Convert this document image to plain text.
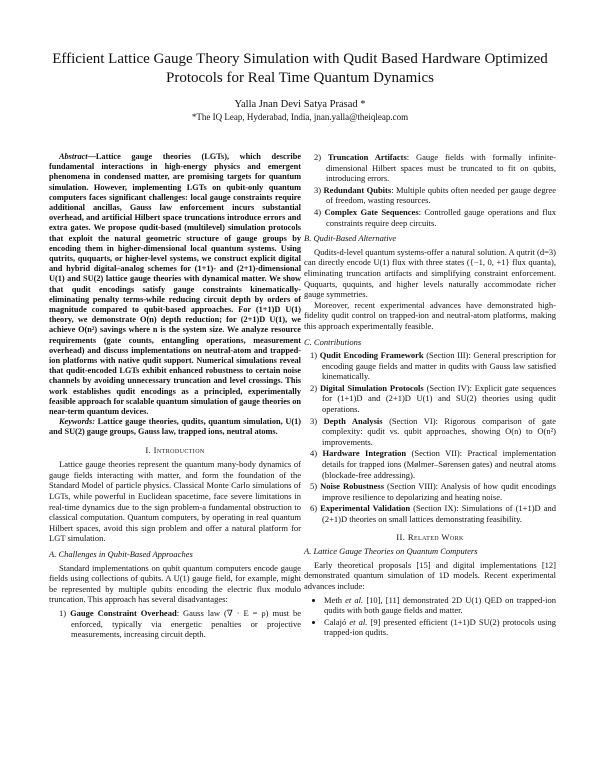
Efficient Lattice Gauge Theory Simulation with Qudit Based Hardware Optimized Protocols for Real Time Quantum Dynamics
Yalla Jnan Devi Satya Prasad *
*The IQ Leap, Hyderabad, India, jnan.yalla@theiqleap.com

Abstract—Lattice gauge theories (LGTs), which describe fundamental interactions in high-energy physics and emergent phenomena in condensed matter, are promising targets for quantum simulation. However, implementing LGTs on qubit-only quantum computers faces significant challenges: local gauge constraints require additional ancillas, Gauss law enforcement incurs substantial overhead, and artificial Hilbert space truncations introduce errors and extra gates. We propose qudit-based (multilevel) simulation protocols that exploit the natural geometric structure of gauge groups by encoding them in higher-dimensional local quantum systems. Using qutrits, ququarts, or higher-level systems, we construct explicit digital and hybrid digital–analog schemes for (1+1)- and (2+1)-dimensional U(1) and SU(2) lattice gauge theories with dynamical matter. We show that qudit encodings satisfy gauge constraints kinematically-eliminating penalty terms-while reducing circuit depth by orders of magnitude compared to qubit-based approaches. For (1+1)D U(1) theory, we demonstrate O(n) depth reduction; for (2+1)D U(1), we achieve O(n²) savings where n is the system size. We analyze resource requirements (gate counts, entangling operations, measurement overhead) and discuss implementations on neutral-atom and trapped-ion platforms with native qudit support. Numerical simulations reveal that qudit-encoded LGTs exhibit enhanced robustness to certain noise channels by avoiding unnecessary truncation and level crossings. This work establishes qudit encodings as a principled, experimentally feasible approach for scalable quantum simulation of gauge theories on near-term quantum devices.

Keywords: Lattice gauge theories, qudits, quantum simulation, U(1) and SU(2) gauge groups, Gauss law, trapped ions, neutral atoms.

I. Introduction

Lattice gauge theories represent the quantum many-body dynamics of gauge fields interacting with matter, and form the foundation of the Standard Model of particle physics. Classical Monte Carlo simulations of LGTs, while powerful in Euclidean spacetime, face severe limitations in real-time dynamics due to the sign problem-a fundamental obstruction to classical computation. Quantum computers, by operating in real quantum Hilbert spaces, avoid this sign problem and offer a natural platform for LGT simulation.

A. Challenges in Qubit-Based Approaches

Standard implementations on qubit quantum computers encode gauge fields using collections of qubits. A U(1) gauge field, for example, might be represented by multiple qubits encoding the electric flux modulo truncation. This approach has several disadvantages:

1) Gauge Constraint Overhead: Gauss law (∇ · E = ρ) must be enforced, typically via energetic penalties or projective measurements, increasing circuit depth.
2) Truncation Artifacts: Gauge fields with formally infinite-dimensional Hilbert spaces must be truncated to fit on qubits, introducing errors.
3) Redundant Qubits: Multiple qubits often needed per gauge degree of freedom, wasting resources.
4) Complex Gate Sequences: Controlled gauge operations and flux constraints require deep circuits.
B. Qudit-Based Alternative

Qudits-d-level quantum systems-offer a natural solution. A qutrit (d=3) can directly encode U(1) flux with three states ({−1, 0, +1} flux quanta), eliminating truncation artifacts and simplifying constraint enforcement. Ququarts, ququints, and higher levels naturally accommodate richer gauge symmetries.

Moreover, recent experimental advances have demonstrated high-fidelity qudit control on trapped-ion and neutral-atom platforms, making this approach experimentally feasible.

C. Contributions
1) Qudit Encoding Framework (Section III): General prescription for encoding gauge fields and matter in qudits with Gauss law satisfied kinematically.
2) Digital Simulation Protocols (Section IV): Explicit gate sequences for (1+1)D and (2+1)D U(1) and SU(2) theories using qudit operations.
3) Depth Analysis (Section VI): Rigorous comparison of gate complexity: qudit vs. qubit approaches, showing O(n) to O(n²) improvements.
4) Hardware Integration (Section VII): Practical implementation details for trapped ions (Mølmer–Sørensen gates) and neutral atoms (blockade-free addressing).
5) Noise Robustness (Section VIII): Analysis of how qudit encodings improve resilience to depolarizing and heating noise.
6) Experimental Validation (Section IX): Simulations of (1+1)D and (2+1)D theories on small lattices demonstrating feasibility.
II. Related Work
A. Lattice Gauge Theories on Quantum Computers

Early theoretical proposals [15] and digital implementations [12] demonstrated quantum simulation of 1D models. Recent experimental advances include:

• Meth et al. [10], [11] demonstrated 2D U(1) QED on trapped-ion qudits with both gauge fields and matter.
• Calajó et al. [9] presented efficient (1+1)D SU(2) protocols using trapped-ion qudits.
